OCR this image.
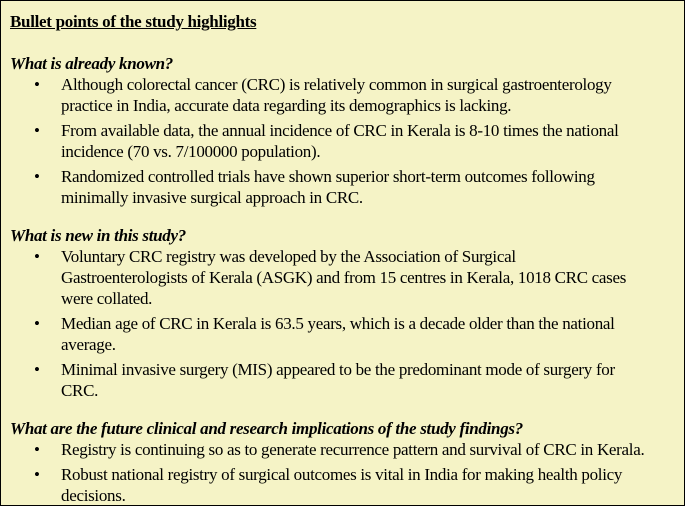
Bullet points of the study highlights
What is already known?
• Although colorectal cancer (CRC) is relatively common in surgical gastroenterology
practice in India, accurate data regarding its demographics is lacking.
• From available data, the annual incidence of CRC in Kerala is 8-10 times the national
incidence (70 vs. 7/100000 population).
• Randomized controlled trials have shown superior short-term outcomes following
minimally invasive surgical approach in CRC.
What is new in this study?
• Voluntary CRC registry was developed by the Association of Surgical
Gastroenterologists of Kerala (ASGK) and from 15 centres in Kerala, 1018 CRC cases
were collated.
• Median age of CRC in Kerala is 63.5 years, which is a decade older than the national
average.
• Minimal invasive surgery (MIS) appeared to be the predominant mode of surgery for
CRC.
What are the future clinical and research implications of the study findings?
• Registry is continuing so as to generate recurrence pattern and survival of CRC in Kerala.
• Robust national registry of surgical outcomes is vital in India for making health policy
decisions.
